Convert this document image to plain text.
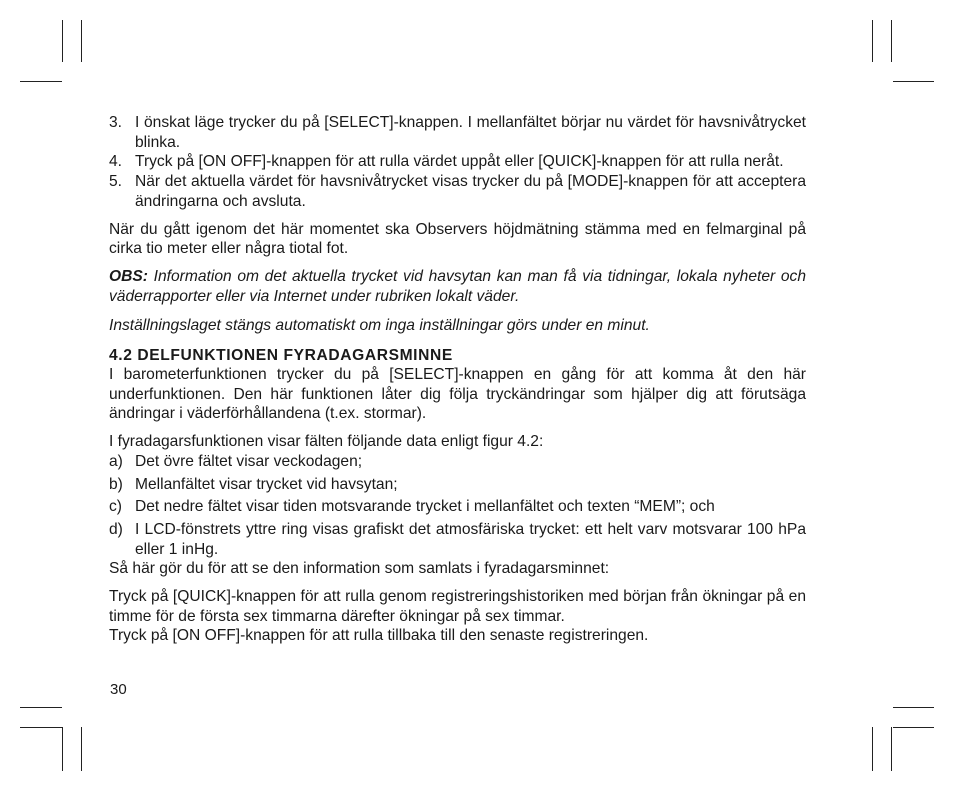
3. I önskat läge trycker du på [SELECT]-knappen. I mellanfältet börjar nu värdet för havsnivåtrycket blinka.

4. Tryck på [ON OFF]-knappen för att rulla värdet uppåt eller [QUICK]-knappen för att rulla neråt.

5. När det aktuella värdet för havsnivåtrycket visas trycker du på [MODE]-knappen för att acceptera ändringarna och avsluta.

När du gått igenom det här momentet ska Observers höjdmätning stämma med en felmarginal på cirka tio meter eller några tiotal fot.

OBS: Information om det aktuella trycket vid havsytan kan man få via tidningar, lokala nyheter och väderrapporter eller via Internet under rubriken lokalt väder.

Inställningslaget stängs automatiskt om inga inställningar görs under en minut.

4.2 DELFUNKTIONEN FYRADAGARSMINNE

I barometerfunktionen trycker du på [SELECT]-knappen en gång för att komma åt den här underfunktionen. Den här funktionen låter dig följa tryckändringar som hjälper dig att förutsäga ändringar i väderförhållandena (t.ex. stormar).

I fyradagarsfunktionen visar fälten följande data enligt figur 4.2:

a) Det övre fältet visar veckodagen;

b) Mellanfältet visar trycket vid havsytan;

c) Det nedre fältet visar tiden motsvarande trycket i mellanfältet och texten “MEM”; och

d) I LCD-fönstrets yttre ring visas grafiskt det atmosfäriska trycket: ett helt varv motsvarar 100 hPa eller 1 inHg.

Så här gör du för att se den information som samlats i fyradagarsminnet:

Tryck på [QUICK]-knappen för att rulla genom registreringshistoriken med början från ökningar på en timme för de första sex timmarna därefter ökningar på sex timmar.

Tryck på [ON OFF]-knappen för att rulla tillbaka till den senaste registreringen.

30
